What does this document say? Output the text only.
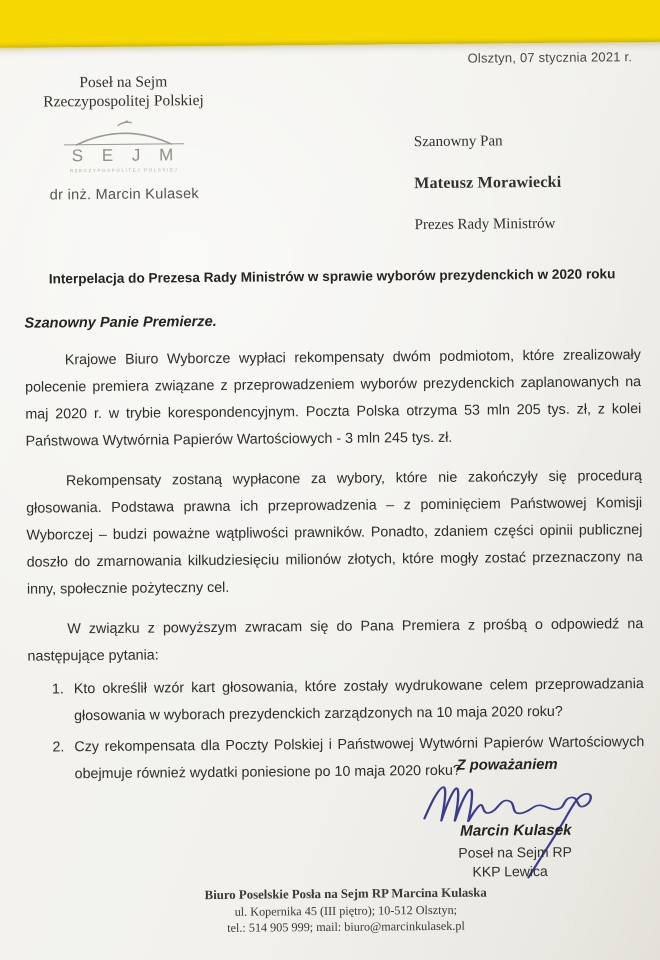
Olsztyn, 07 stycznia 2021 r.
Poseł na Sejm
Rzeczypospolitej Polskiej
S E J M
RZECZYPOSPOLITEJ POLSKIEJ
dr inż. Marcin Kulasek
Szanowny Pan
Mateusz Morawiecki
Prezes Rady Ministrów
Interpelacja do Prezesa Rady Ministrów w sprawie wyborów prezydenckich w 2020 roku
Szanowny Panie Premierze.

Krajowe Biuro Wyborcze wypłaci rekompensaty dwóm podmiotom, które zrealizowały polecenie premiera związane z przeprowadzeniem wyborów prezydenckich zaplanowanych na maj 2020 r. w trybie korespondencyjnym. Poczta Polska otrzyma 53 mln 205 tys. zł, z kolei Państwowa Wytwórnia Papierów Wartościowych - 3 mln 245 tys. zł.

Rekompensaty zostaną wypłacone za wybory, które nie zakończyły się procedurą głosowania. Podstawa prawna ich przeprowadzenia – z pominięciem Państwowej Komisji Wyborczej – budzi poważne wątpliwości prawników. Ponadto, zdaniem części opinii publicznej doszło do zmarnowania kilkudziesięciu milionów złotych, które mogły zostać przeznaczony na inny, społecznie pożyteczny cel.

W związku z powyższym zwracam się do Pana Premiera z prośbą o odpowiedź na następujące pytania:

1. Kto określił wzór kart głosowania, które zostały wydrukowane celem przeprowadzania głosowania w wyborach prezydenckich zarządzonych na 10 maja 2020 roku?
2. Czy rekompensata dla Poczty Polskiej i Państwowej Wytwórni Papierów Wartościowych obejmuje również wydatki poniesione po 10 maja 2020 roku?
Z poważaniem
Marcin Kulasek
Poseł na Sejm RP
KKP Lewica
Biuro Poselskie Posła na Sejm RP Marcina Kulaska
ul. Kopernika 45 (III piętro); 10-512 Olsztyn;
tel.: 514 905 999; mail: biuro@marcinkulasek.pl
